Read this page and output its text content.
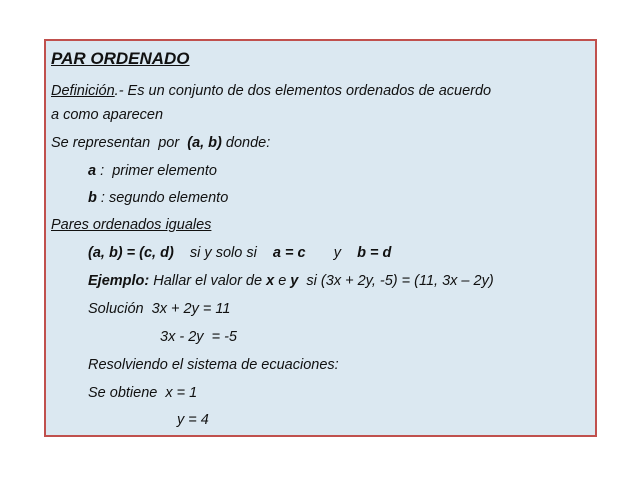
PAR ORDENADO
Definición.- Es un conjunto de dos elementos ordenados de acuerdo
a como aparecen
Se representan  por  (a, b) donde:
a :  primer elemento
b : segundo elemento
Pares ordenados iguales
(a, b) = (c, d)    si y solo si    a = c       y    b = d
Ejemplo: Hallar el valor de x e y  si (3x + 2y, -5) = (11, 3x – 2y)
Solución  3x + 2y = 11
3x - 2y  = -5
Resolviendo el sistema de ecuaciones:
Se obtiene  x = 1
y = 4
